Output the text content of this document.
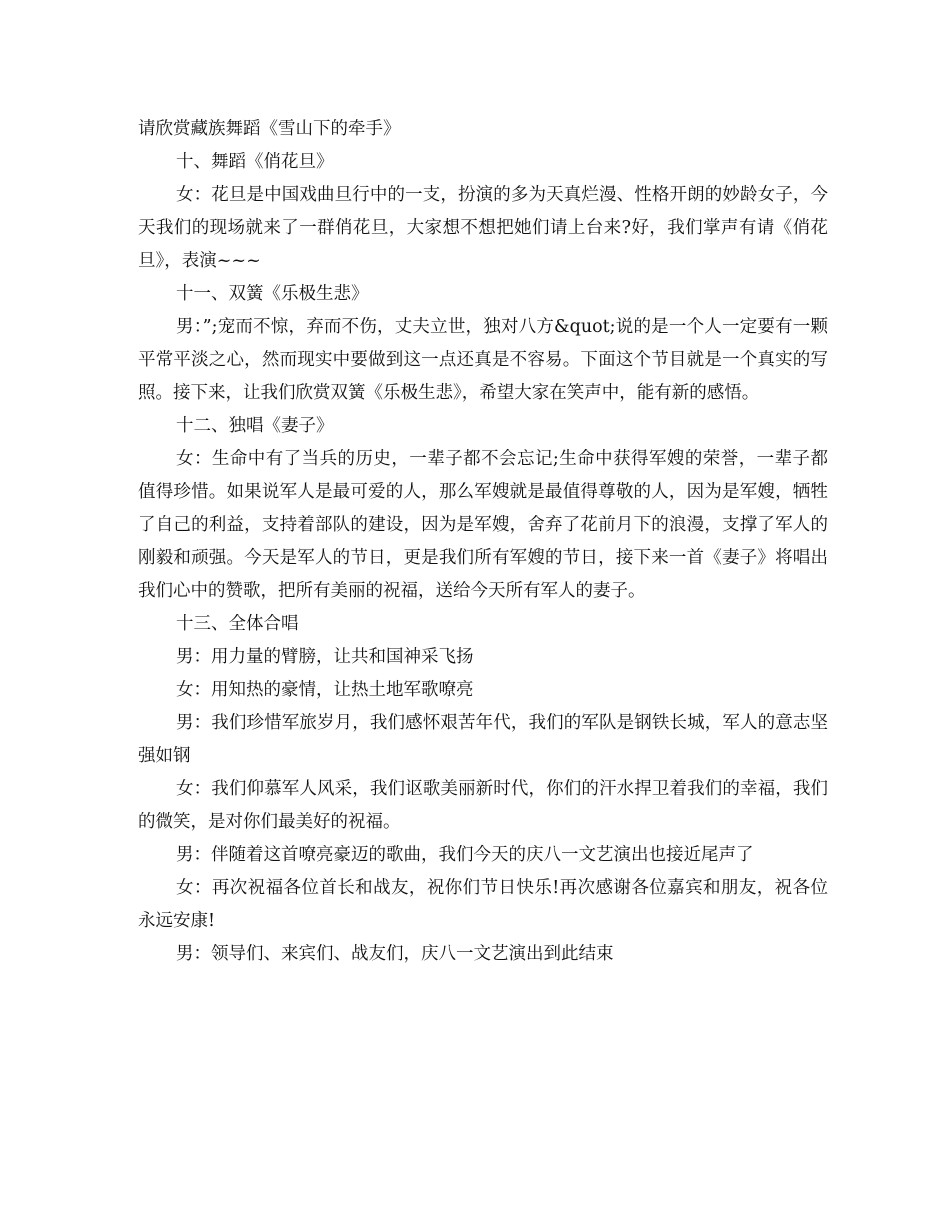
请欣赏藏族舞蹈《雪山下的牵手》

十、舞蹈《俏花旦》

女：花旦是中国戏曲旦行中的一支，扮演的多为天真烂漫、性格开朗的妙龄女子，今天我们的现场就来了一群俏花旦，大家想不想把她们请上台来?好，我们掌声有请《俏花旦》，表演~~~

十一、双簧《乐极生悲》

男：”;宠而不惊，弃而不伤，丈夫立世，独对八方&quot;说的是一个人一定要有一颗平常平淡之心，然而现实中要做到这一点还真是不容易。下面这个节目就是一个真实的写照。接下来，让我们欣赏双簧《乐极生悲》，希望大家在笑声中，能有新的感悟。

十二、独唱《妻子》

女：生命中有了当兵的历史，一辈子都不会忘记;生命中获得军嫂的荣誉，一辈子都值得珍惜。如果说军人是最可爱的人，那么军嫂就是最值得尊敬的人，因为是军嫂，牺牲了自己的利益，支持着部队的建设，因为是军嫂，舍弃了花前月下的浪漫，支撑了军人的刚毅和顽强。今天是军人的节日，更是我们所有军嫂的节日，接下来一首《妻子》将唱出我们心中的赞歌，把所有美丽的祝福，送给今天所有军人的妻子。

十三、全体合唱

男：用力量的臂膀，让共和国神采飞扬

女：用知热的豪情，让热土地军歌嘹亮

男：我们珍惜军旅岁月，我们感怀艰苦年代，我们的军队是钢铁长城，军人的意志坚强如钢

女：我们仰慕军人风采，我们讴歌美丽新时代，你们的汗水捍卫着我们的幸福，我们的微笑，是对你们最美好的祝福。

男：伴随着这首嘹亮豪迈的歌曲，我们今天的庆八一文艺演出也接近尾声了

女：再次祝福各位首长和战友，祝你们节日快乐!再次感谢各位嘉宾和朋友，祝各位永远安康!

男：领导们、来宾们、战友们，庆八一文艺演出到此结束
